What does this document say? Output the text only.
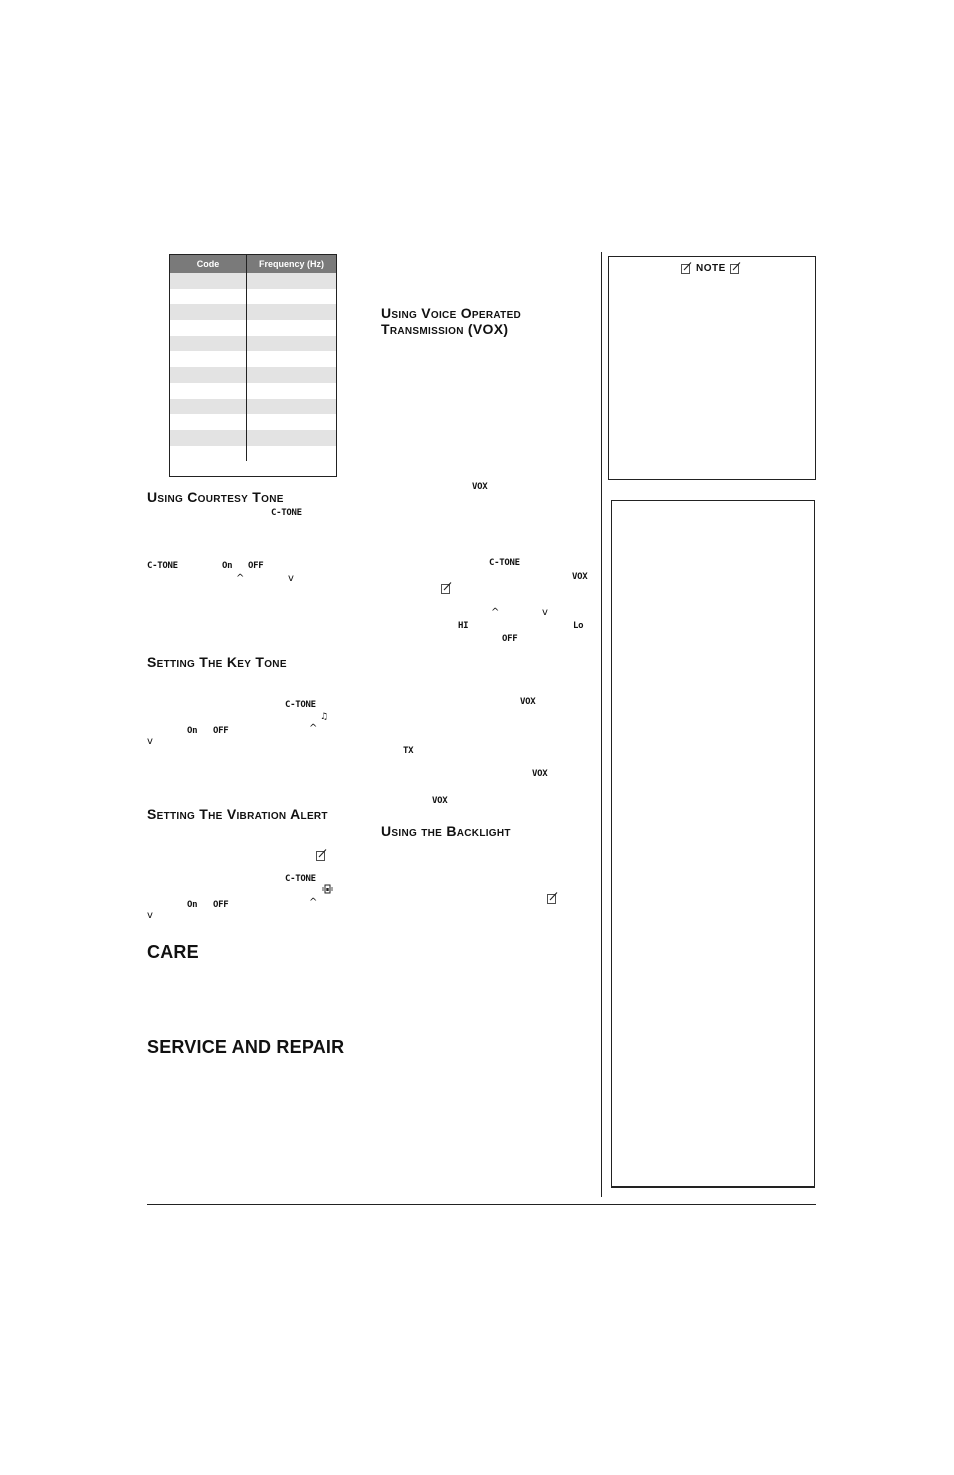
Code	Frequency (Hz)	NOTE
Using Courtesy Tone
C-TONE
C-TONE	On OFF
^	v
Setting The Key Tone
C-TONE
♫
On OFF	^
v
Setting The Vibration Alert
C-TONE
On OFF	^
v
CARE
SERVICE AND REPAIR
Using Voice Operated
Transmission (VOX)
VOX
C-TONE
VOX
^	v
HI	Lo
OFF
VOX
TX
VOX
VOX
Using the Backlight
